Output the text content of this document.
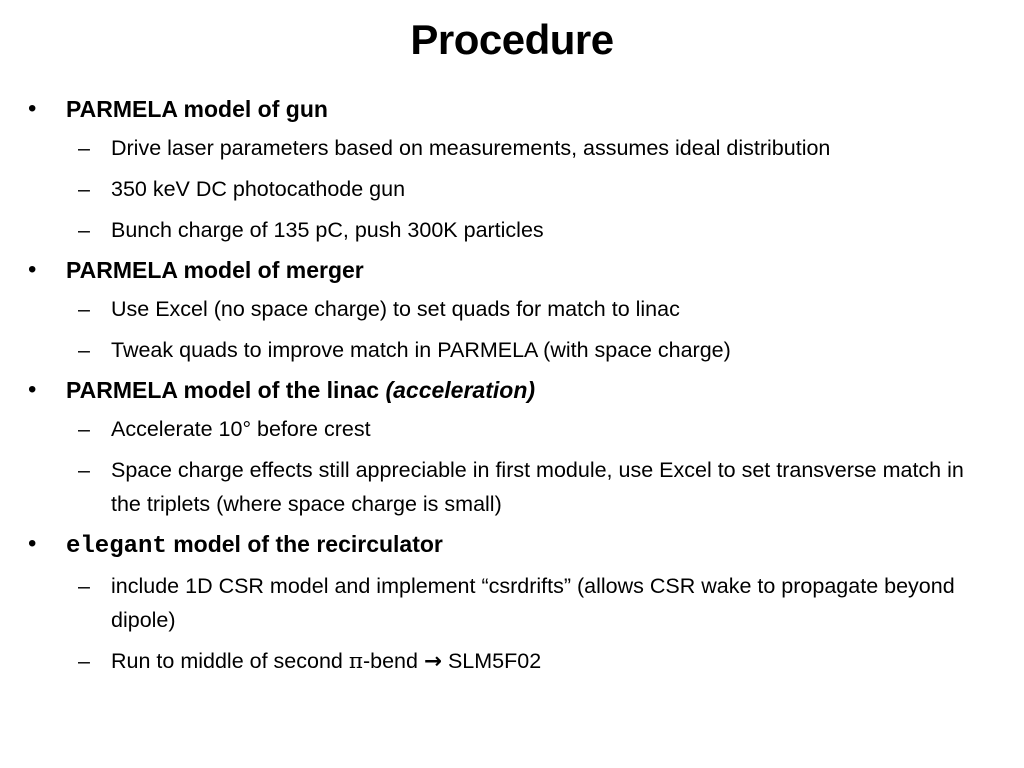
Procedure
• PARMELA model of gun
– Drive laser parameters based on measurements, assumes ideal distribution
– 350 keV DC photocathode gun
– Bunch charge of 135 pC, push 300K particles
• PARMELA model of merger
– Use Excel (no space charge) to set quads for match to linac
– Tweak quads to improve match in PARMELA (with space charge)
• PARMELA model of the linac (acceleration)
– Accelerate 10° before crest
– Space charge effects still appreciable in first module, use Excel to set transverse match in the triplets (where space charge is small)
• elegant model of the recirculator
– include 1D CSR model and implement “csrdrifts” (allows CSR wake to propagate beyond dipole)
– Run to middle of second π-bend → SLM5F02
